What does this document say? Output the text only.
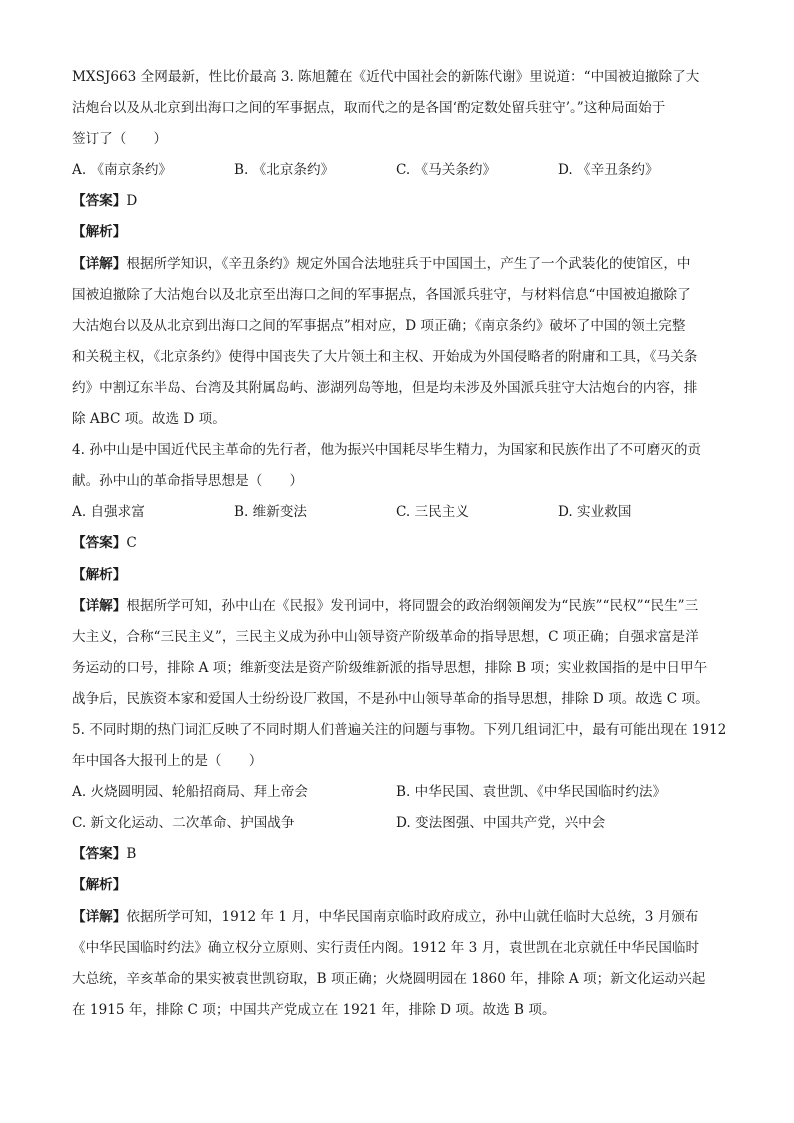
MXSJ663 全网最新，性比价最高 3. 陈旭麓在《近代中国社会的新陈代谢》里说道：“中国被迫撤除了大
沽炮台以及从北京到出海口之间的军事据点，取而代之的是各国‘酌定数处留兵驻守’。”这种局面始于
签订了（　　）
A. 《南京条约》	B. 《北京条约》	C. 《马关条约》	D. 《辛丑条约》
【答案】D
【解析】
【详解】根据所学知识，《辛丑条约》规定外国合法地驻兵于中国国土，产生了一个武装化的使馆区，中
国被迫撤除了大沽炮台以及北京至出海口之间的军事据点，各国派兵驻守，与材料信息“中国被迫撤除了
大沽炮台以及从北京到出海口之间的军事据点”相对应，D 项正确；《南京条约》破坏了中国的领土完整
和关税主权，《北京条约》使得中国丧失了大片领土和主权、开始成为外国侵略者的附庸和工具，《马关条
约》中割辽东半岛、台湾及其附属岛屿、澎湖列岛等地，但是均未涉及外国派兵驻守大沽炮台的内容，排
除 ABC 项。故选 D 项。
4. 孙中山是中国近代民主革命的先行者，他为振兴中国耗尽毕生精力，为国家和民族作出了不可磨灭的贡
献。孙中山的革命指导思想是（　　）
A. 自强求富	B. 维新变法	C. 三民主义	D. 实业救国
【答案】C
【解析】
【详解】根据所学可知，孙中山在《民报》发刊词中，将同盟会的政治纲领阐发为“民族”“民权”“民生”三
大主义，合称“三民主义”，三民主义成为孙中山领导资产阶级革命的指导思想，C 项正确；自强求富是洋
务运动的口号，排除 A 项；维新变法是资产阶级维新派的指导思想，排除 B 项；实业救国指的是中日甲午
战争后，民族资本家和爱国人士纷纷设厂救国，不是孙中山领导革命的指导思想，排除 D 项。故选 C 项。
5. 不同时期的热门词汇反映了不同时期人们普遍关注的问题与事物。下列几组词汇中，最有可能出现在 1912
年中国各大报刊上的是（　　）
A. 火烧圆明园、轮船招商局、拜上帝会	B. 中华民国、袁世凯、《中华民国临时约法》
C. 新文化运动、二次革命、护国战争	D. 变法图强、中国共产党，兴中会
【答案】B
【解析】
【详解】依据所学可知，1912 年 1 月，中华民国南京临时政府成立，孙中山就任临时大总统，3 月颁布
《中华民国临时约法》确立权分立原则、实行责任内阁。1912 年 3 月，袁世凯在北京就任中华民国临时
大总统，辛亥革命的果实被袁世凯窃取，B 项正确；火烧圆明园在 1860 年，排除 A 项；新文化运动兴起
在 1915 年，排除 C 项；中国共产党成立在 1921 年，排除 D 项。故选 B 项。
